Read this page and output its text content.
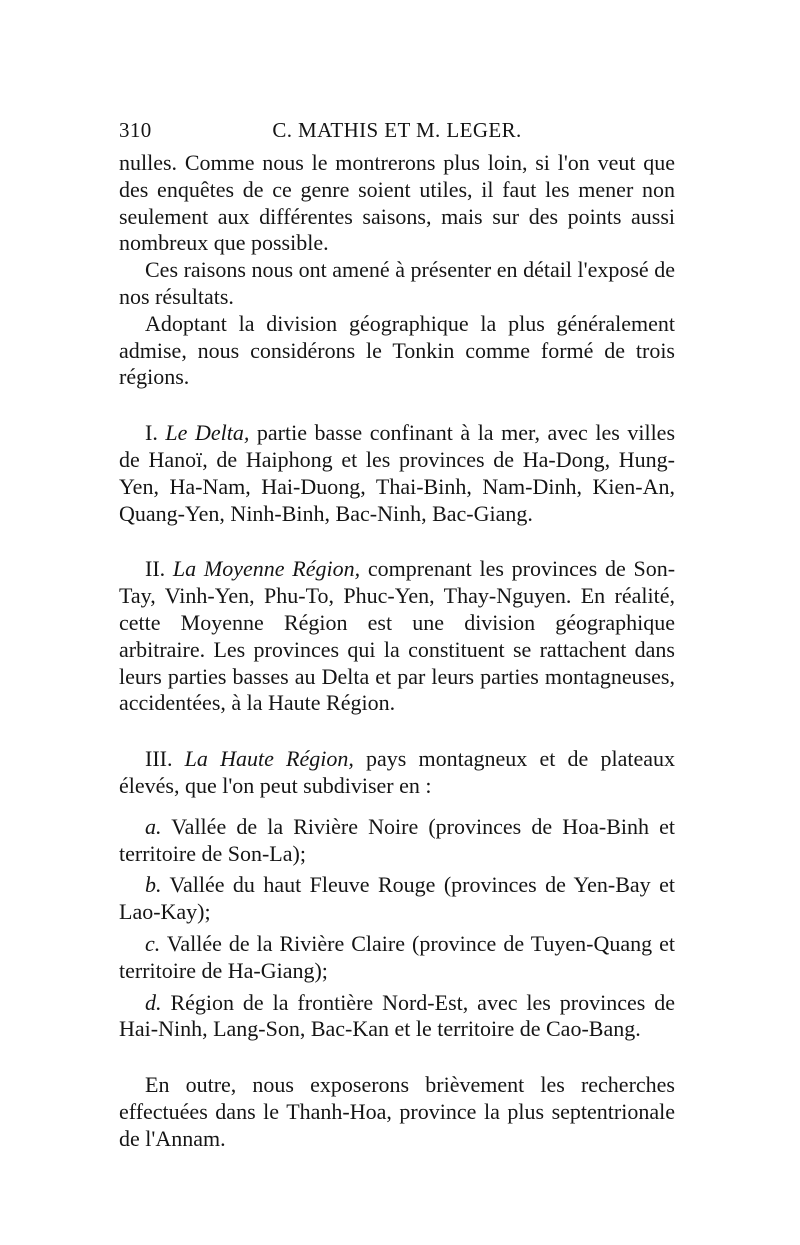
310	C. MATHIS ET M. LEGER.

nulles. Comme nous le montrerons plus loin, si l'on veut que des enquêtes de ce genre soient utiles, il faut les mener non seulement aux différentes saisons, mais sur des points aussi nombreux que possible.

Ces raisons nous ont amené à présenter en détail l'exposé de nos résultats.

Adoptant la division géographique la plus généralement admise, nous considérons le Tonkin comme formé de trois régions.

I. Le Delta, partie basse confinant à la mer, avec les villes de Hanoï, de Haiphong et les provinces de Ha-Dong, Hung-Yen, Ha-Nam, Hai-Duong, Thai-Binh, Nam-Dinh, Kien-An, Quang-Yen, Ninh-Binh, Bac-Ninh, Bac-Giang.

II. La Moyenne Région, comprenant les provinces de Son-Tay, Vinh-Yen, Phu-To, Phuc-Yen, Thay-Nguyen. En réalité, cette Moyenne Région est une division géographique arbitraire. Les provinces qui la constituent se rattachent dans leurs parties basses au Delta et par leurs parties montagneuses, accidentées, à la Haute Région.

III. La Haute Région, pays montagneux et de plateaux élevés, que l'on peut subdiviser en :

a. Vallée de la Rivière Noire (provinces de Hoa-Binh et territoire de Son-La);

b. Vallée du haut Fleuve Rouge (provinces de Yen-Bay et Lao-Kay);

c. Vallée de la Rivière Claire (province de Tuyen-Quang et territoire de Ha-Giang);

d. Région de la frontière Nord-Est, avec les provinces de Hai-Ninh, Lang-Son, Bac-Kan et le territoire de Cao-Bang.

En outre, nous exposerons brièvement les recherches effectuées dans le Thanh-Hoa, province la plus septentrionale de l'Annam.
